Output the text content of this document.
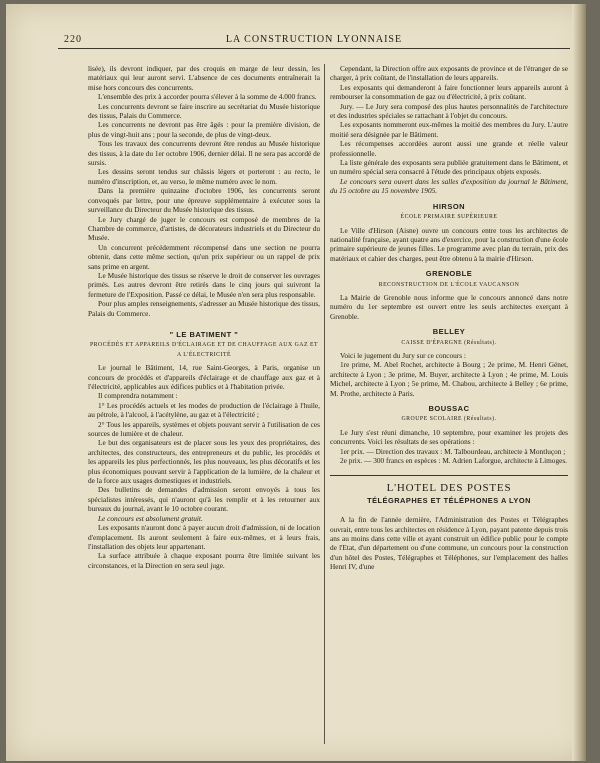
220	LA CONSTRUCTION LYONNAISE

lisée), ils devront indiquer, par des croquis en marge de leur dessin, les matériaux qui leur auront servi. L'absence de ces documents entraînerait la mise hors concours des concurrents.

L'ensemble des prix à accorder pourra s'élever à la somme de 4.000 francs.

Les concurrents devront se faire inscrire au secrétariat du Musée historique des tissus, Palais du Commerce.

Les concurrents ne devront pas être âgés : pour la première division, de plus de vingt-huit ans ; pour la seconde, de plus de vingt-deux.

Tous les travaux des concurrents devront être rendus au Musée historique des tissus, à la date du 1er octobre 1906, dernier délai. Il ne sera pas accordé de sursis.

Les dessins seront tendus sur châssis légers et porteront : au recto, le numéro d'inscription, et, au verso, le même numéro avec le nom.

Dans la première quinzaine d'octobre 1906, les concurrents seront convoqués par lettre, pour une épreuve supplémentaire à exécuter sous la surveillance du Directeur du Musée historique des tissus.

Le Jury chargé de juger le concours est composé de membres de la Chambre de commerce, d'artistes, de décorateurs industriels et du Directeur du Musée.

Un concurrent précédemment récompensé dans une section ne pourra obtenir, dans cette même section, qu'un prix supérieur ou un rappel de prix sans prime en argent.

Le Musée historique des tissus se réserve le droit de conserver les ouvrages primés. Les autres devront être retirés dans le cinq jours qui suivront la fermeture de l'Exposition. Passé ce délai, le Musée n'en sera plus responsable.

Pour plus amples renseignements, s'adresser au Musée historique des tissus, Palais du Commerce.

" LE BATIMENT "
PROCÉDÉS ET APPAREILS D'ÉCLAIRAGE ET DE CHAUFFAGE AUX GAZ ET A L'ÉLECTRICITÉ

Le journal le Bâtiment, 14, rue Saint-Georges, à Paris, organise un concours de procédés et d'appareils d'éclairage et de chauffage aux gaz et à l'électricité, applicables aux édifices publics et à l'habitation privée.

Il comprendra notamment :

1° Les procédés actuels et les modes de production de l'éclairage à l'huile, au pétrole, à l'alcool, à l'acétylène, au gaz et à l'électricité ;

2° Tous les appareils, systèmes et objets pouvant servir à l'utilisation de ces sources de lumière et de chaleur.

Le but des organisateurs est de placer sous les yeux des propriétaires, des architectes, des constructeurs, des entrepreneurs et du public, les procédés et les appareils les plus perfectionnés, les plus nouveaux, les plus décoratifs et les plus économiques pouvant servir à l'application de la lumière, de la chaleur et de la force aux usages domestiques et industriels.

Des bulletins de demandes d'admission seront envoyés à tous les spécialistes intéressés, qui n'auront qu'à les remplir et à les retourner aux bureaux du journal, avant le 10 octobre courant.

Le concours est absolument gratuit.

Les exposants n'auront donc à payer aucun droit d'admission, ni de location d'emplacement. Ils auront seulement à faire eux-mêmes, et à leurs frais, l'installation des objets leur appartenant.

La surface attribuée à chaque exposant pourra être limitée suivant les circonstances, et la Direction en sera seul juge.

Cependant, la Direction offre aux exposants de province et de l'étranger de se charger, à prix coûtant, de l'installation de leurs appareils.

Les exposants qui demanderont à faire fonctionner leurs appareils auront à rembourser la consommation de gaz ou d'électricité, à prix coûtant.

Jury. — Le Jury sera composé des plus hautes personnalités de l'architecture et des industries spéciales se rattachant à l'objet du concours.

Les exposants nommeront eux-mêmes la moitié des membres du Jury. L'autre moitié sera désignée par le Bâtiment.

Les récompenses accordées auront aussi une grande et réelle valeur professionnelle.

La liste générale des exposants sera publiée gratuitement dans le Bâtiment, et un numéro spécial sera consacré à l'étude des principaux objets exposés.

Le concours sera ouvert dans les salles d'exposition du journal le Bâtiment, du 15 octobre au 15 novembre 1905.

HIRSON
ÉCOLE PRIMAIRE SUPÉRIEURE

Le Ville d'Hirson (Aisne) ouvre un concours entre tous les architectes de nationalité française, ayant quatre ans d'exercice, pour la construction d'une école primaire supérieure de jeunes filles. Le programme avec plan du terrain, prix des matériaux et cahier des charges, peut être obtenu à la mairie d'Hirson.

GRENOBLE
RECONSTRUCTION DE L'ÉCOLE VAUCANSON

La Mairie de Grenoble nous informe que le concours annoncé dans notre numéro du 1er septembre est ouvert entre les seuls architectes exerçant à Grenoble.

BELLEY
CAISSE D'ÉPARGNE (Résultats).

Voici le jugement du Jury sur ce concours :

1re prime, M. Abel Rochet, architecte à Bourg ; 2e prime, M. Henri Génet, architecte à Lyon ; 3e prime, M. Buyer, architecte à Lyon ; 4e prime, M. Louis Michel, architecte à Lyon ; 5e prime, M. Chabou, architecte à Belley ; 6e prime, M. Prothe, architecte à Paris.

BOUSSAC
GROUPE SCOLAIRE (Résultats).

Le Jury s'est réuni dimanche, 10 septembre, pour examiner les projets des concurrents. Voici les résultats de ses opérations :

1er prix. — Direction des travaux : M. Talbourdeau, architecte à Montluçon ;

2e prix. — 300 francs en espèces : M. Adrien Laforgue, architecte à Limoges.

L'HOTEL DES POSTES
TÉLÉGRAPHES ET TÉLÉPHONES A LYON

A la fin de l'année dernière, l'Administration des Postes et Télégraphes ouvrait, entre tous les architectes en résidence à Lyon, payant patente depuis trois ans au moins dans cette ville et ayant construit un édifice public pour le compte de l'Etat, d'un département ou d'une commune, un concours pour la construction d'un hôtel des Postes, Télégraphes et Téléphones, sur l'emplacement des halles Henri IV, d'une
